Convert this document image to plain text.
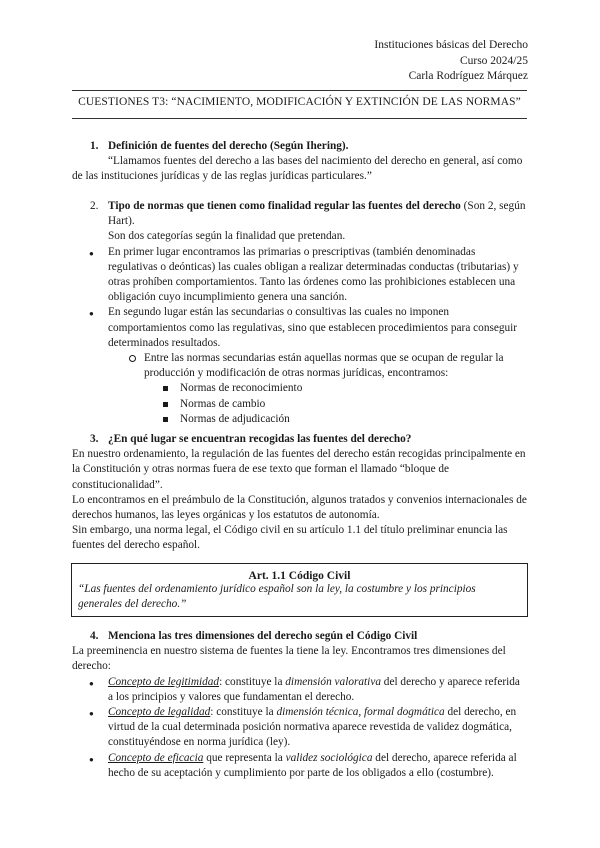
Instituciones básicas del Derecho
Curso 2024/25
Carla Rodríguez Márquez
CUESTIONES T3: “NACIMIENTO, MODIFICACIÓN Y EXTINCIÓN DE LAS NORMAS”
1. Definición de fuentes del derecho (Según Ihering).
“Llamamos fuentes del derecho a las bases del nacimiento del derecho en general, así como
de las instituciones jurídicas y de las reglas jurídicas particulares.”
2. Tipo de normas que tienen como finalidad regular las fuentes del derecho (Son 2, según
Hart).
Son dos categorías según la finalidad que pretendan.
● En primer lugar encontramos las primarias o prescriptivas (también denominadas regulativas o deónticas) las cuales obligan a realizar determinadas conductas (tributarias) y otras prohíben comportamientos. Tanto las órdenes como las prohibiciones establecen una obligación cuyo incumplimiento genera una sanción.
● En segundo lugar están las secundarias o consultivas las cuales no imponen comportamientos como las regulativas, sino que establecen procedimientos para conseguir determinados resultados.
Entre las normas secundarias están aquellas normas que se ocupan de regular la producción y modificación de otras normas jurídicas, encontramos:
Normas de reconocimiento
Normas de cambio
Normas de adjudicación
3. ¿En qué lugar se encuentran recogidas las fuentes del derecho?
En nuestro ordenamiento, la regulación de las fuentes del derecho están recogidas principalmente en la Constitución y otras normas fuera de ese texto que forman el llamado “bloque de constitucionalidad”.
Lo encontramos en el preámbulo de la Constitución, algunos tratados y convenios internacionales de derechos humanos, las leyes orgánicas y los estatutos de autonomía.
Sin embargo, una norma legal, el Código civil en su artículo 1.1 del título preliminar enuncia las fuentes del derecho español.
Art. 1.1 Código Civil
“Las fuentes del ordenamiento jurídico español son la ley, la costumbre y los principios generales del derecho.”
4. Menciona las tres dimensiones del derecho según el Código Civil
La preeminencia en nuestro sistema de fuentes la tiene la ley. Encontramos tres dimensiones del derecho:
● Concepto de legitimidad: constituye la dimensión valorativa del derecho y aparece referida a los principios y valores que fundamentan el derecho.
● Concepto de legalidad: constituye la dimensión técnica, formal dogmática del derecho, en virtud de la cual determinada posición normativa aparece revestida de validez dogmática, constituyéndose en norma jurídica (ley).
● Concepto de eficacia que representa la validez sociológica del derecho, aparece referida al hecho de su aceptación y cumplimiento por parte de los obligados a ello (costumbre).
